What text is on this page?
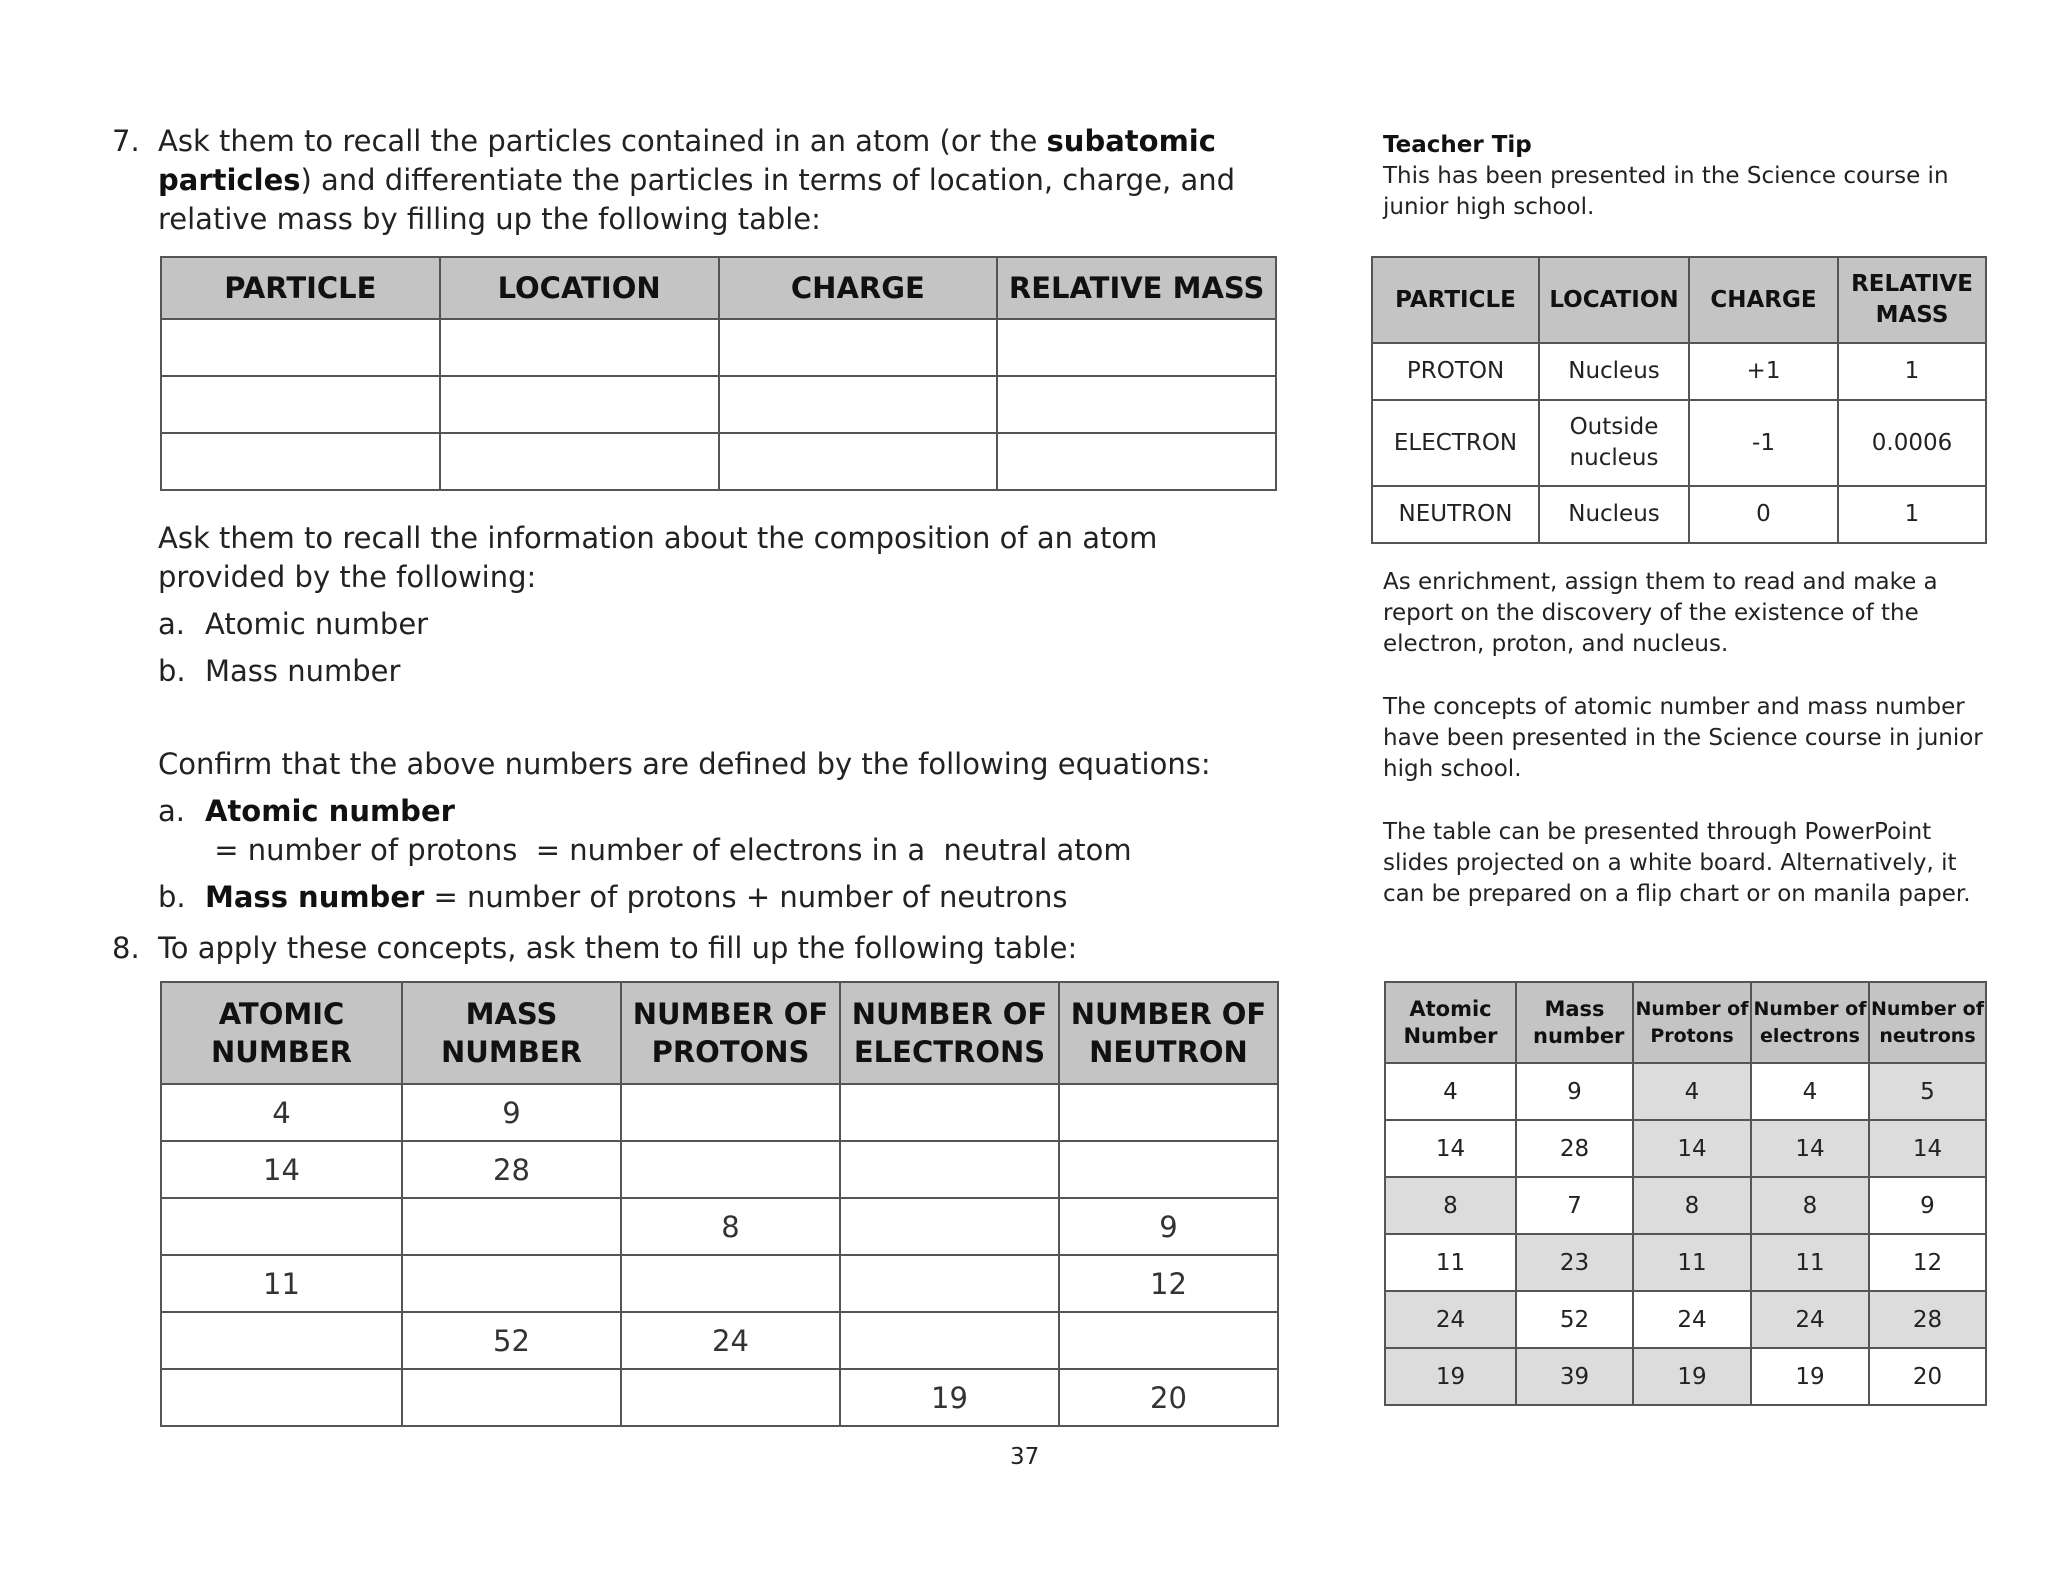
7. Ask them to recall the particles contained in an atom (or the subatomic particles) and differentiate the particles in terms of location, charge, and relative mass by filling up the following table:
PARTICLE	LOCATION	CHARGE	RELATIVE MASS

Ask them to recall the information about the composition of an atom provided by the following:
a. Atomic number
b. Mass number
Confirm that the above numbers are defined by the following equations:
a. Atomic number = number of protons  = number of electrons in a  neutral atom
b. Mass number = number of protons + number of neutrons
8. To apply these concepts, ask them to fill up the following table:
ATOMIC NUMBER	MASS NUMBER	NUMBER OF PROTONS	NUMBER OF ELECTRONS	NUMBER OF NEUTRON
4	9			
14	28			
		8		9
11				12
	52	24		
			19	20
37
Teacher Tip
This has been presented in the Science course in junior high school.
PARTICLE	LOCATION	CHARGE	RELATIVE MASS
PROTON	Nucleus	+1	1
ELECTRON	Outside nucleus	-1	0.0006
NEUTRON	Nucleus	0	1
As enrichment, assign them to read and make a report on the discovery of the existence of the electron, proton, and nucleus.
The concepts of atomic number and mass number have been presented in the Science course in junior high school.
The table can be presented through PowerPoint slides projected on a white board. Alternatively, it can be prepared on a flip chart or on manila paper.
Atomic Number	Mass number	Number of Protons	Number of electrons	Number of neutrons
4	9	4	4	5
14	28	14	14	14
8	7	8	8	9
11	23	11	11	12
24	52	24	24	28
19	39	19	19	20
